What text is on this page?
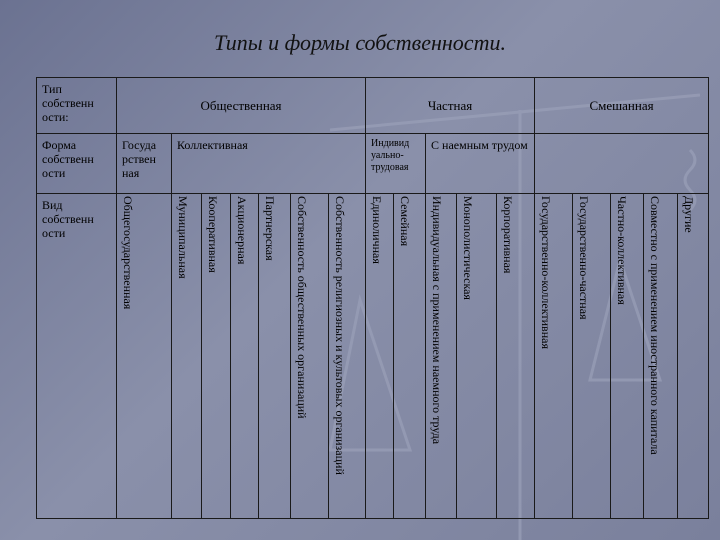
Типы и формы собственности.
Тип собственн ости:	Общественная							Частная					Смешанная				
Форма собственн ости	Госуда рствен ная	Коллективная						Индивид уально-трудовая		С наемным трудом							
Вид собственн ости	Общегосударственная	Муниципальная	Кооперативная	Акционерная	Партнерская	Собственность общественных организаций	Собственность религиозных и культовых организаций	Единоличная	Семейная	Индивидуальная с применением наемного труда	Монополистическая	Корпоративная	Государственно-коллективная	Государственно-частная	Частно-коллективная	Совместно с применением иностранного капитала	Другие
